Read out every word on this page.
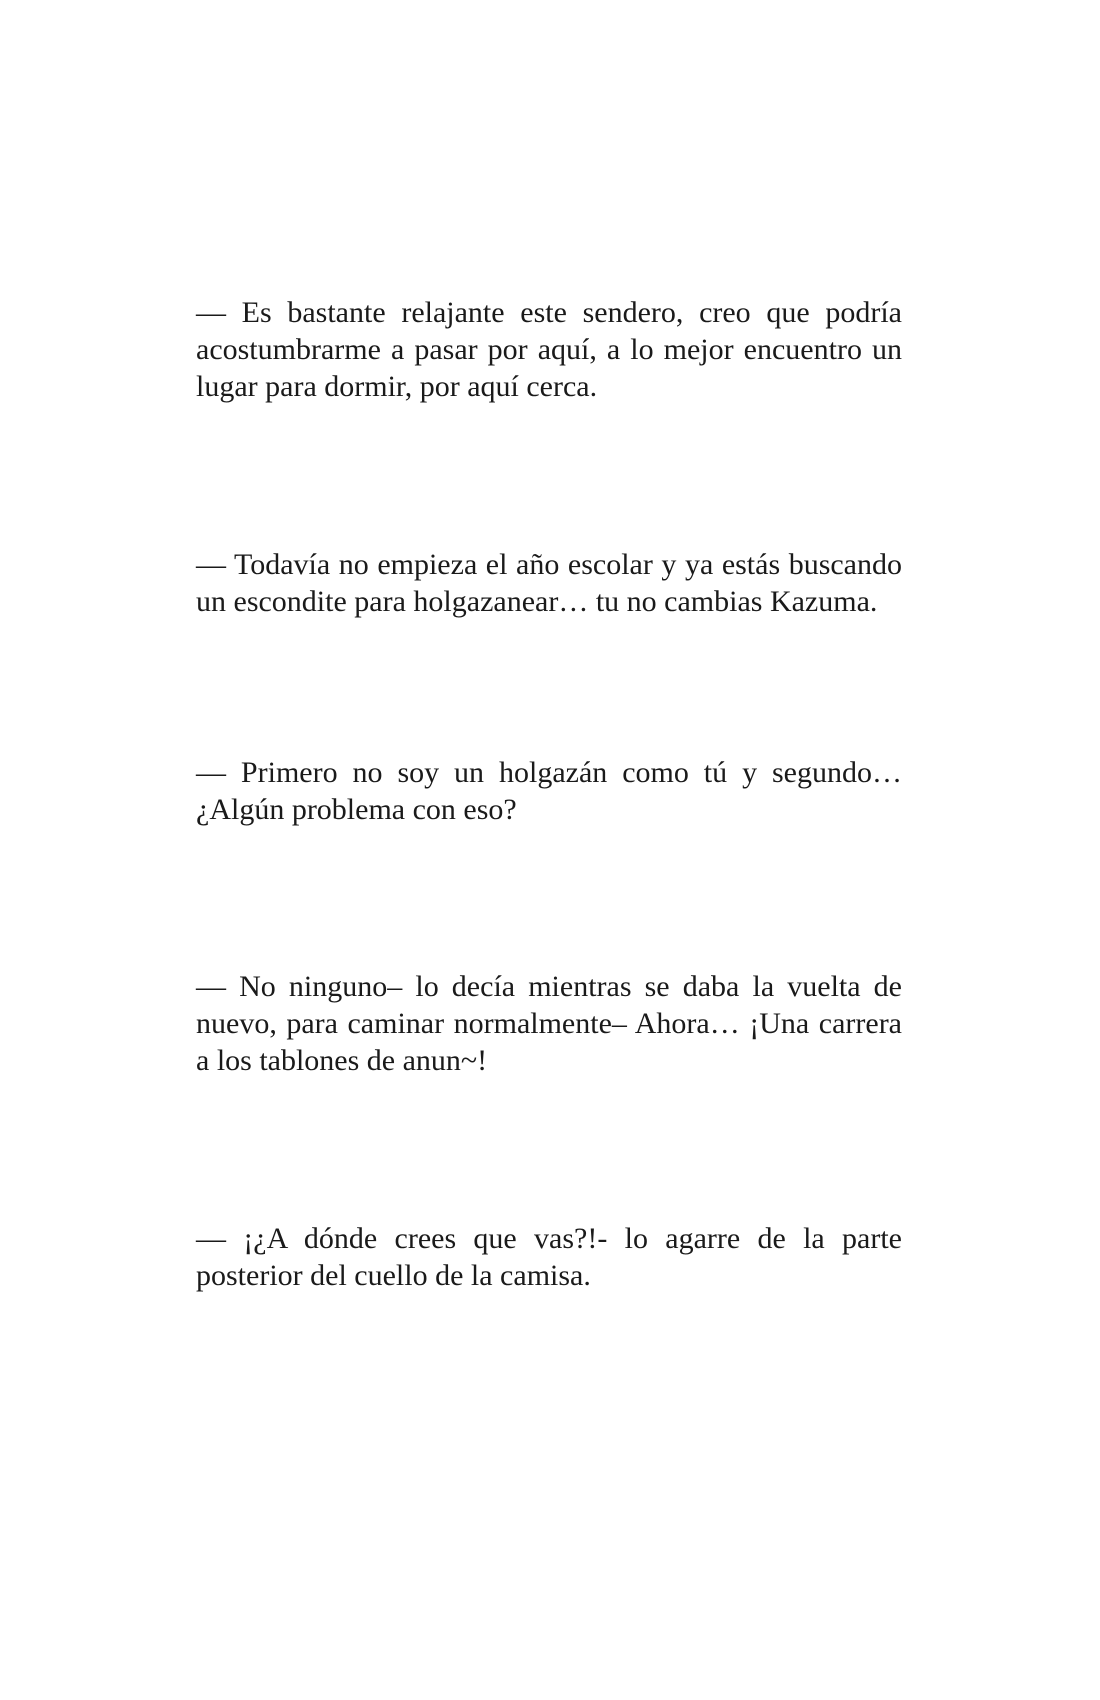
— Es bastante relajante este sendero, creo que podría acostumbrarme a pasar por aquí, a lo mejor encuentro un lugar para dormir, por aquí cerca.

— Todavía no empieza el año escolar y ya estás buscando un escondite para holgazanear… tu no cambias Kazuma.

— Primero no soy un holgazán como tú y segundo… ¿Algún problema con eso?

— No ninguno– lo decía mientras se daba la vuelta de nuevo, para caminar normalmente– Ahora… ¡Una carrera a los tablones de anun~!

— ¡¿A dónde crees que vas?!- lo agarre de la parte posterior del cuello de la camisa.
